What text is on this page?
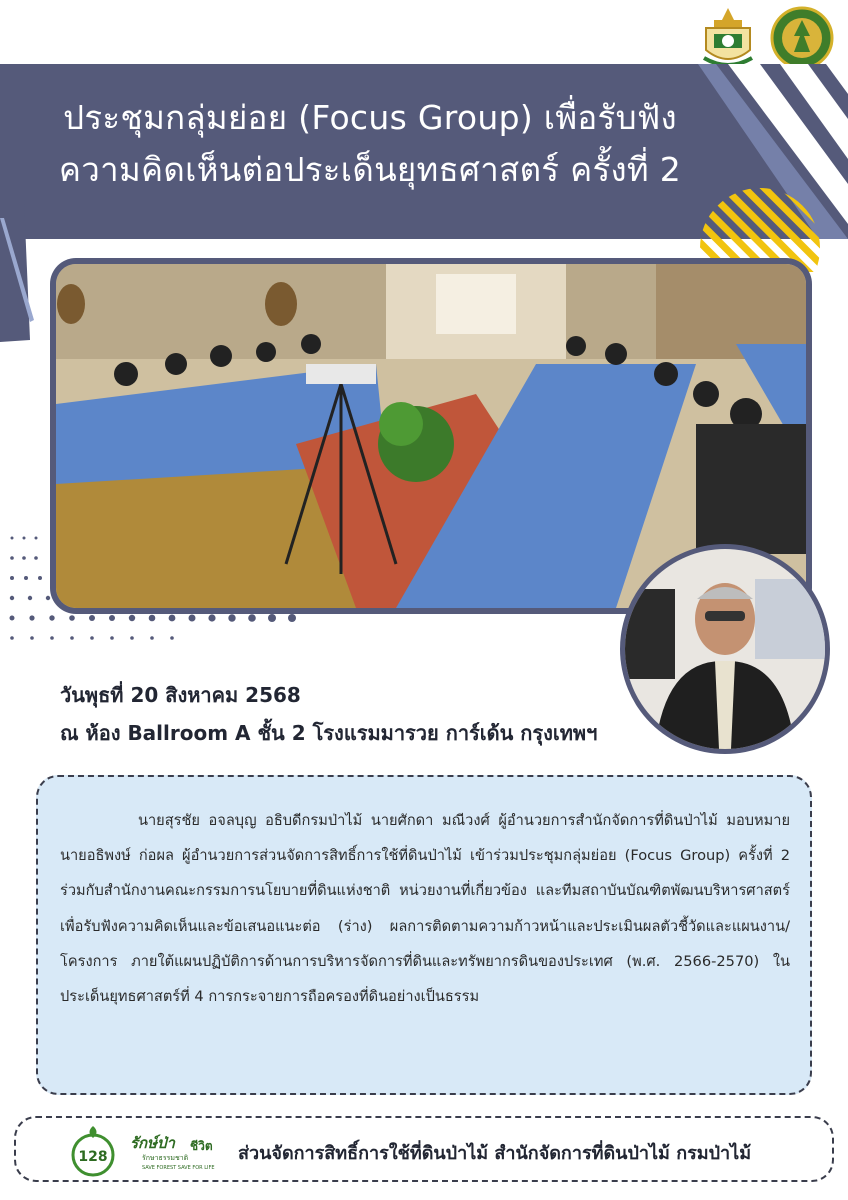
ประชุมกลุ่มย่อย (Focus Group) เพื่อรับฟัง
ความคิดเห็นต่อประเด็นยุทธศาสตร์ ครั้งที่ 2
วันพุธที่ 20 สิงหาคม 2568
ณ ห้อง Ballroom A ชั้น 2 โรงแรมมารวย การ์เด้น กรุงเทพฯ

นายสุรชัย อจลบุญ อธิบดีกรมป่าไม้ นายศักดา มณีวงศ์ ผู้อำนวยการสำนักจัดการที่ดินป่าไม้ มอบหมายนายอธิพงษ์ ก่อผล ผู้อำนวยการส่วนจัดการสิทธิ์การใช้ที่ดินป่าไม้ เข้าร่วมประชุมกลุ่มย่อย (Focus Group) ครั้งที่ 2 ร่วมกับสำนักงานคณะกรรมการนโยบายที่ดินแห่งชาติ หน่วยงานที่เกี่ยวข้อง และทีมสถาบันบัณฑิตพัฒนบริหารศาสตร์ เพื่อรับฟังความคิดเห็นและข้อเสนอแนะต่อ (ร่าง) ผลการติดตามความก้าวหน้าและประเมินผลตัวชี้วัดและแผนงาน/โครงการ ภายใต้แผนปฏิบัติการด้านการบริหารจัดการที่ดินและทรัพยากรดินของประเทศ (พ.ศ. 2566-2570) ในประเด็นยุทธศาสตร์ที่ 4 การกระจายการถือครองที่ดินอย่างเป็นธรรม

128
รักษ์ป่า ชีวิต
รักษาธรรมชาติ
SAVE FOREST SAVE FOR LIFE
ส่วนจัดการสิทธิ์การใช้ที่ดินป่าไม้ สำนักจัดการที่ดินป่าไม้ กรมป่าไม้
